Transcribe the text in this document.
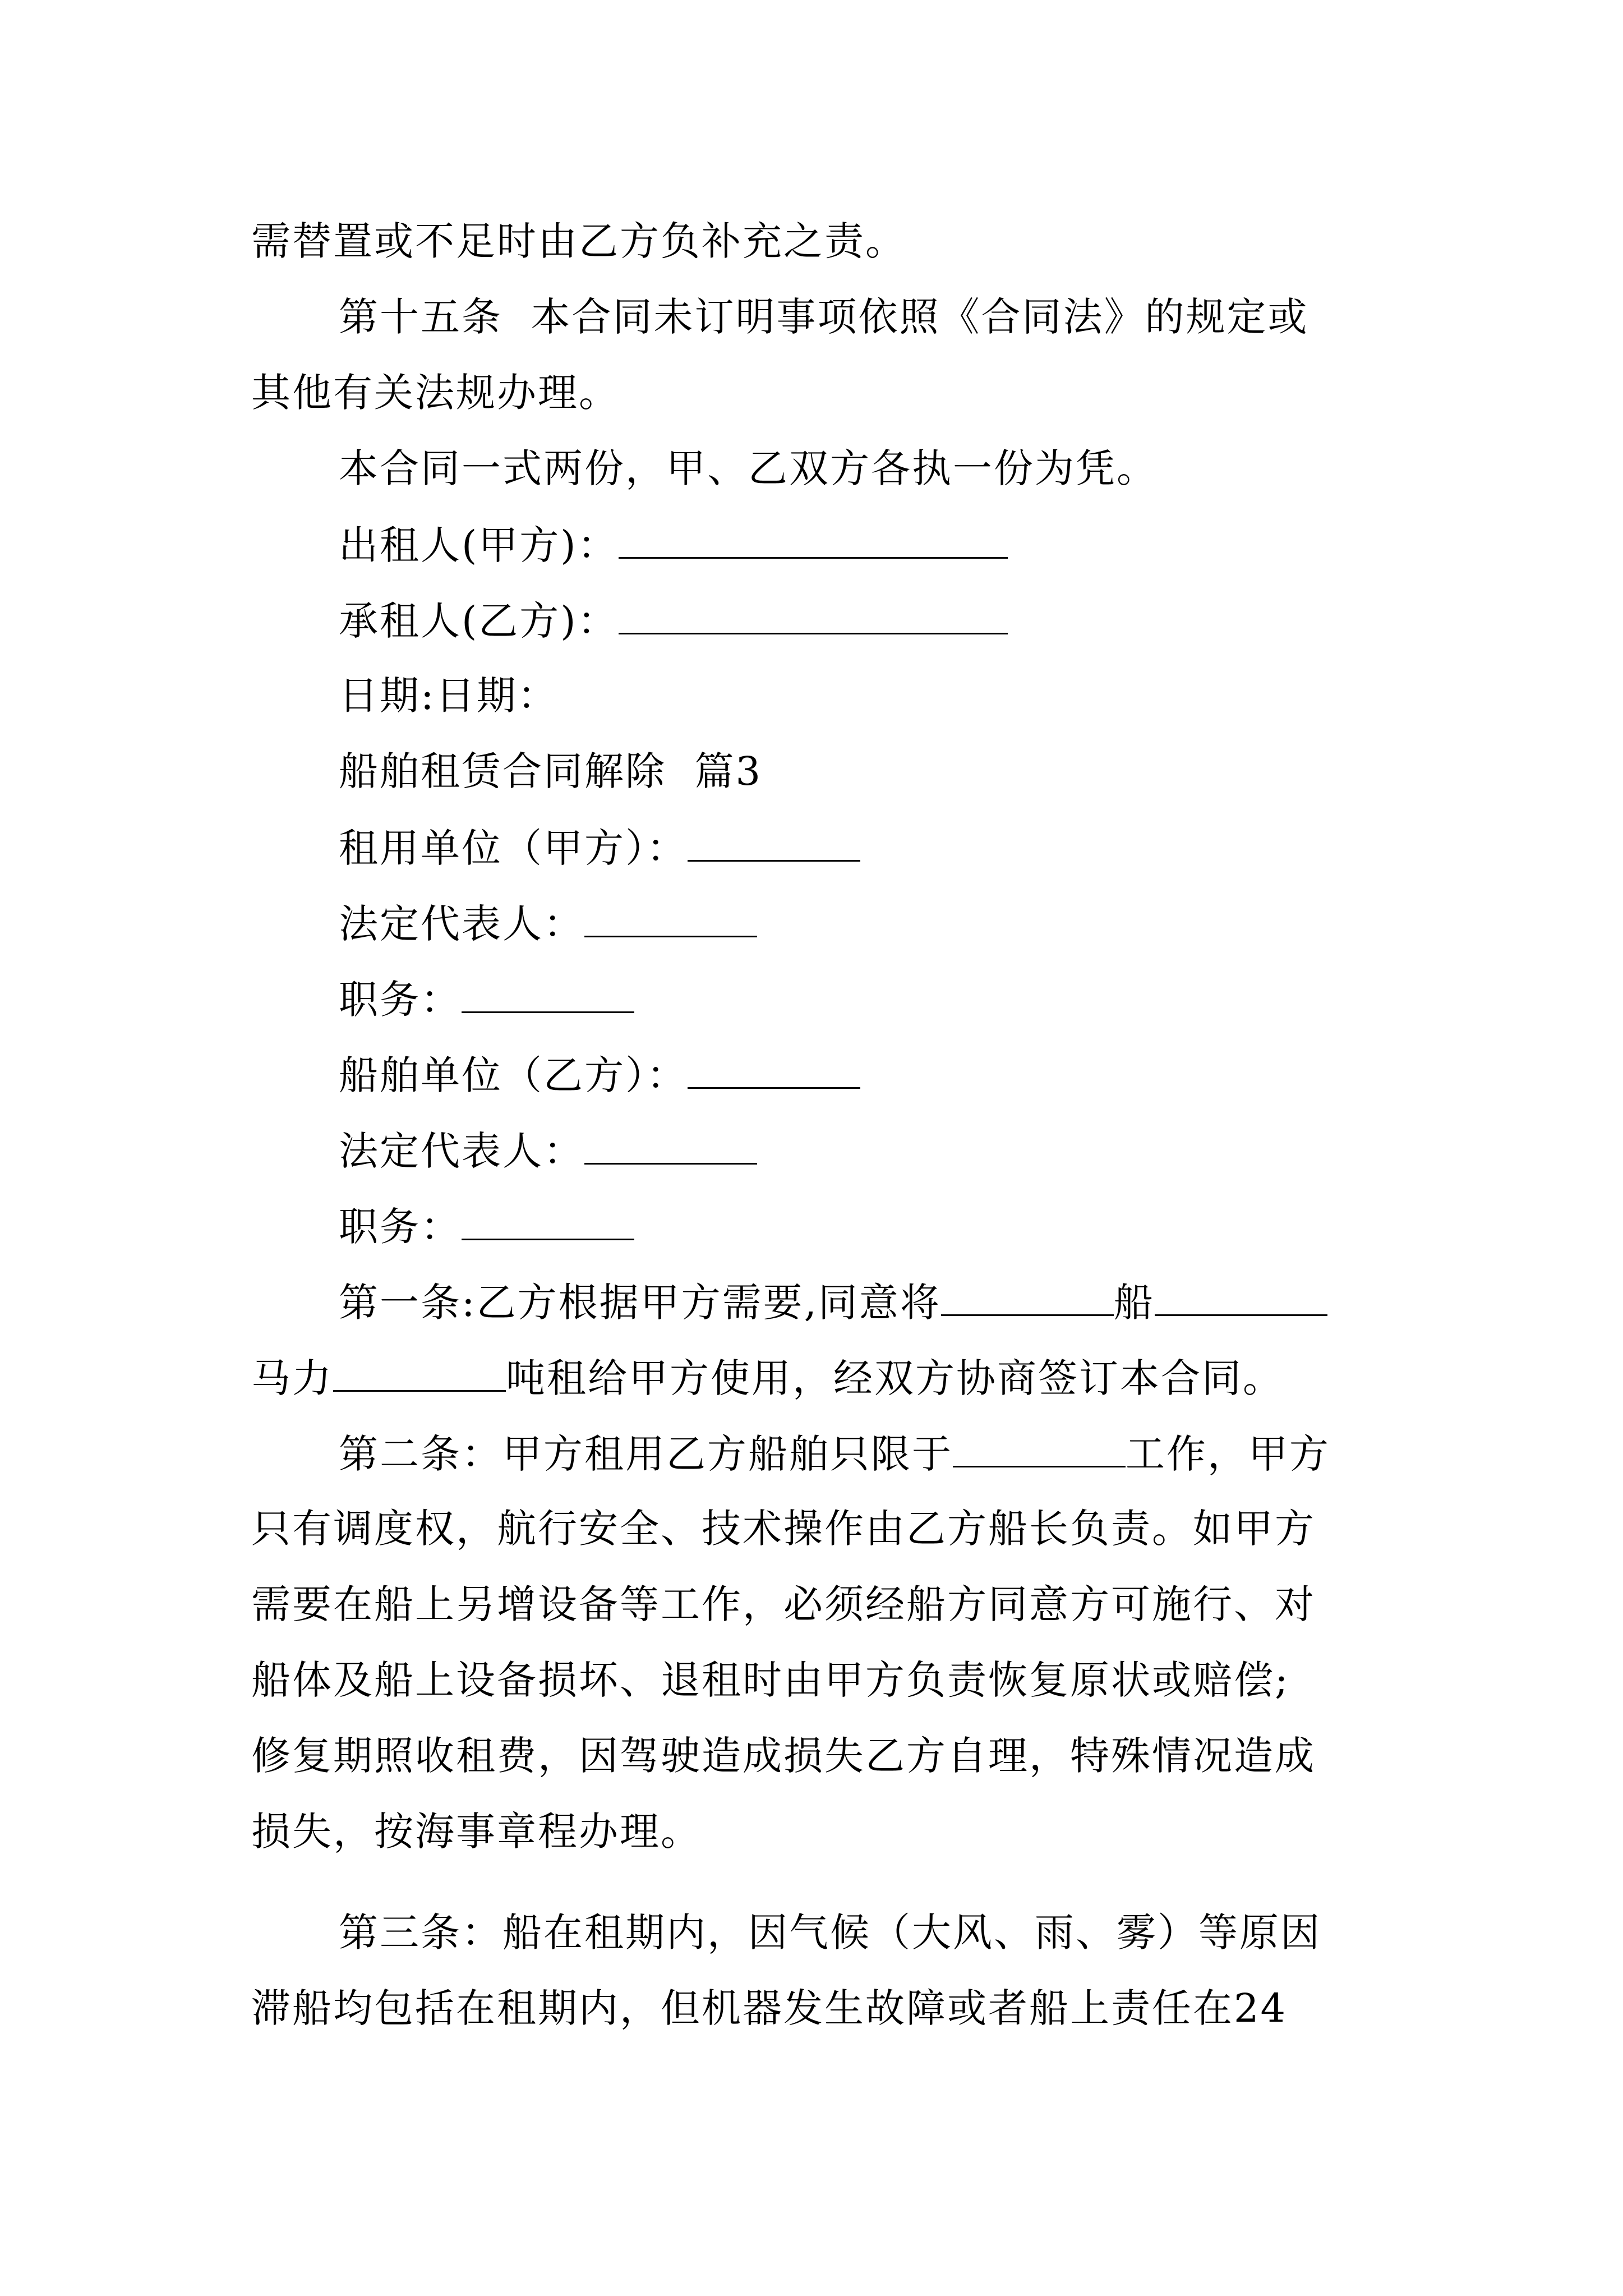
需替置或不足时由乙方负补充之责。
第十五条  本合同未订明事项依照《合同法》的规定或
其他有关法规办理。
本合同一式两份，甲、乙双方各执一份为凭。
出租人(甲方)：
承租人(乙方)：
日期:日期：
船舶租赁合同解除  篇3
租用单位（甲方）：
法定代表人：
职务：
船舶单位（乙方）：
法定代表人：
职务：
第一条:乙方根据甲方需要,同意将	船
马力	吨租给甲方使用，经双方协商签订本合同。
第二条：甲方租用乙方船舶只限于	工作，甲方
只有调度权，航行安全、技术操作由乙方船长负责。如甲方
需要在船上另增设备等工作，必须经船方同意方可施行、对
船体及船上设备损坏、退租时由甲方负责恢复原状或赔偿;
修复期照收租费，因驾驶造成损失乙方自理，特殊情况造成
损失，按海事章程办理。
第三条：船在租期内，因气候（大风、雨、雾）等原因
滞船均包括在租期内，但机器发生故障或者船上责任在24
